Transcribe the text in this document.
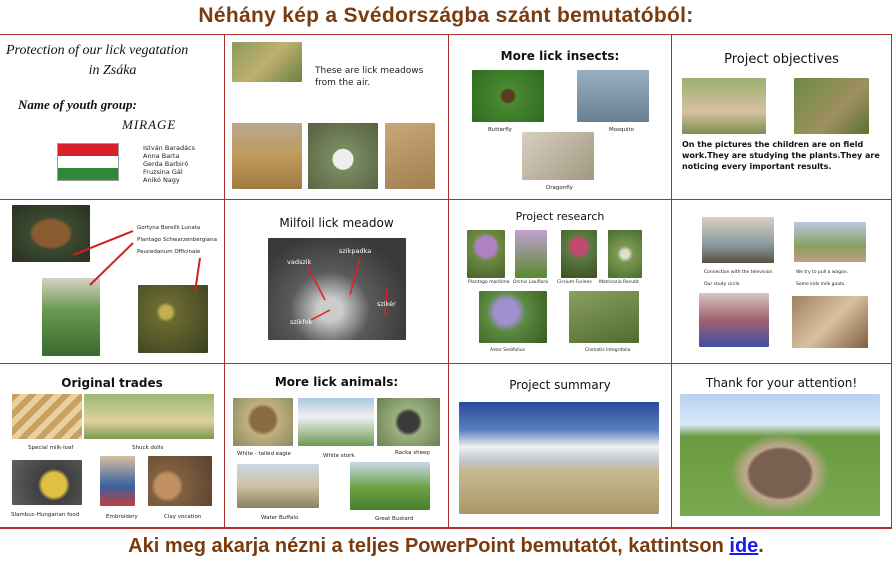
Néhány kép a Svédországba szánt bemutatóból:
Protection of our lick vegatation
in Zsáka
Name of youth group:
MIRAGE
István Baradács
Anna Barta
Gerda Barbiró
Fruzsina Gál
Anikó Nagy
These are lick meadows from the air.
More lick insects:
Butterfly	Mosquito
Dragonfly
Project objectives
On the pictures the children are on field work.They are studying the plants.They are noticing every important results.
Gortyna Borellii Lunata
Plantago Schwarzenbergiana
Peucedanum Officinale
Milfoil lick meadow
vadszik
szikpadka
szikér
szikfok
Project research
Plantago maritima Orchis Laxiflora Cirsium Furiens Matricaria Recutit
Aster Sedifolius	Clematis Integrifolia
Connection with the television	We try to pull a wagon.
Our study circle	Some kids milk goats.
Original trades
Special milk-loaf	Shuck dolls
Slambuc-Hungarian food	Embroidery	Clay vocation
More lick animals:
White - tailed eagle	White stork	Racka sheep
Water Buffalo	Great Bustard
Project summary	Thank for your attention!
Aki meg akarja nézni a teljes PowerPoint bemutatót, kattintson ide.
